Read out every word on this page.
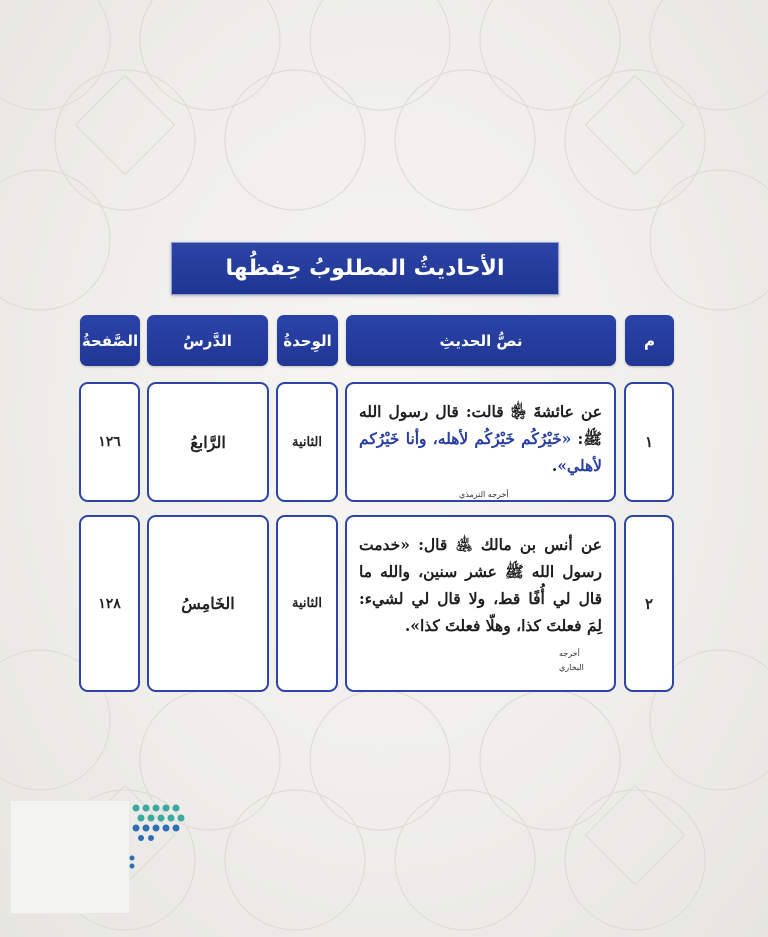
الأحاديثُ المطلوبُ حِفظُها
م
نصُّ الحديثِ
الوِحدةُ
الدَّرسُ
الصَّفحةُ
١
عن عائشةَ ﵂ قالت: قال رسول الله ﷺ: «خَيْرُكُم خَيْرُكُم لأهله، وأنا خَيْرُكم لأهلي».
أخرجه الترمذي
الثانية
الرَّابعُ
١٢٦
٢
عن أنس بن مالك ﵁ قال: «خدمت رسول الله ﷺ عشر سنين، والله ما قال لي أُفًا قط، ولا قال لي لشيء: لِمَ فعلتَ كذا، وهلّا فعلتَ كذا».
أخرجه البخاري
الثانية
الخَامِسُ
١٢٨
